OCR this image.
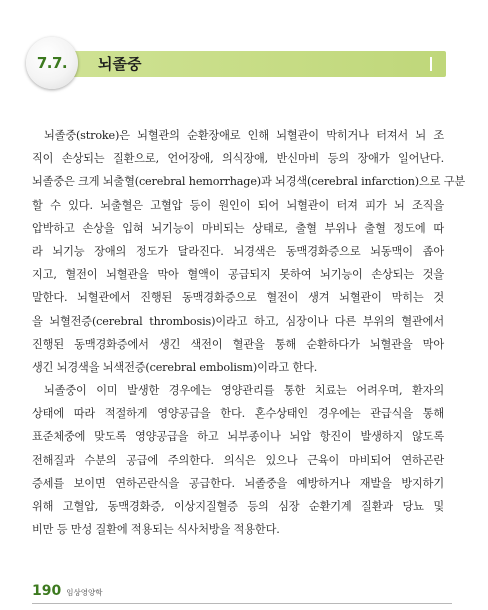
7.7. 뇌졸중
뇌졸중(stroke)은 뇌혈관의 순환장애로 인해 뇌혈관이 막히거나 터져서 뇌 조
직이 손상되는 질환으로, 언어장애, 의식장애, 반신마비 등의 장애가 일어난다.
뇌졸중은 크게 뇌출혈(cerebral hemorrhage)과 뇌경색(cerebral infarction)으로 구분
할 수 있다. 뇌출혈은 고혈압 등이 원인이 되어 뇌혈관이 터져 피가 뇌 조직을
압박하고 손상을 입혀 뇌기능이 마비되는 상태로, 출혈 부위나 출혈 정도에 따
라 뇌기능 장애의 정도가 달라진다. 뇌경색은 동맥경화증으로 뇌동맥이 좁아
지고, 혈전이 뇌혈관을 막아 혈액이 공급되지 못하여 뇌기능이 손상되는 것을
말한다. 뇌혈관에서 진행된 동맥경화증으로 혈전이 생겨 뇌혈관이 막히는 것
을 뇌혈전증(cerebral thrombosis)이라고 하고, 심장이나 다른 부위의 혈관에서
진행된 동맥경화증에서 생긴 색전이 혈관을 통해 순환하다가 뇌혈관을 막아
생긴 뇌경색을 뇌색전증(cerebral embolism)이라고 한다.
뇌졸중이 이미 발생한 경우에는 영양관리를 통한 치료는 어려우며, 환자의
상태에 따라 적절하게 영양공급을 한다. 혼수상태인 경우에는 관급식을 통해
표준체중에 맞도록 영양공급을 하고 뇌부종이나 뇌압 항진이 발생하지 않도록
전해질과 수분의 공급에 주의한다. 의식은 있으나 근육이 마비되어 연하곤란
증세를 보이면 연하곤란식을 공급한다. 뇌졸중을 예방하거나 재발을 방지하기
위해 고혈압, 동맥경화증, 이상지질혈증 등의 심장 순환기계 질환과 당뇨 및
비만 등 만성 질환에 적용되는 식사처방을 적용한다.
190 임상영양학
